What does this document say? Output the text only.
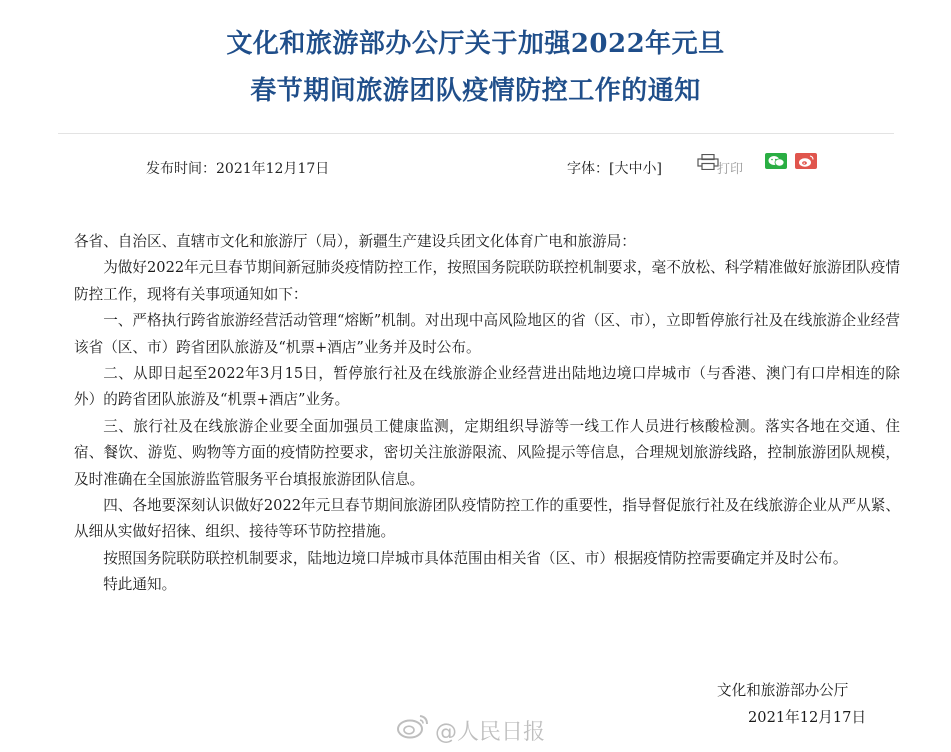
文化和旅游部办公厅关于加强2022年元旦
春节期间旅游团队疫情防控工作的通知
发布时间：2021年12月17日	字体：[大中小]	打印

各省、自治区、直辖市文化和旅游厅（局），新疆生产建设兵团文化体育广电和旅游局：

为做好2022年元旦春节期间新冠肺炎疫情防控工作，按照国务院联防联控机制要求，毫不放松、科学精准做好旅游团队疫情防控工作，现将有关事项通知如下：

一、严格执行跨省旅游经营活动管理“熔断”机制。对出现中高风险地区的省（区、市），立即暂停旅行社及在线旅游企业经营该省（区、市）跨省团队旅游及“机票+酒店”业务并及时公布。

二、从即日起至2022年3月15日，暂停旅行社及在线旅游企业经营进出陆地边境口岸城市（与香港、澳门有口岸相连的除外）的跨省团队旅游及“机票+酒店”业务。

三、旅行社及在线旅游企业要全面加强员工健康监测，定期组织导游等一线工作人员进行核酸检测。落实各地在交通、住宿、餐饮、游览、购物等方面的疫情防控要求，密切关注旅游限流、风险提示等信息，合理规划旅游线路，控制旅游团队规模，及时准确在全国旅游监管服务平台填报旅游团队信息。

四、各地要深刻认识做好2022年元旦春节期间旅游团队疫情防控工作的重要性，指导督促旅行社及在线旅游企业从严从紧、从细从实做好招徕、组织、接待等环节防控措施。

按照国务院联防联控机制要求，陆地边境口岸城市具体范围由相关省（区、市）根据疫情防控需要确定并及时公布。

特此通知。

文化和旅游部办公厅
2021年12月17日
@人民日报
